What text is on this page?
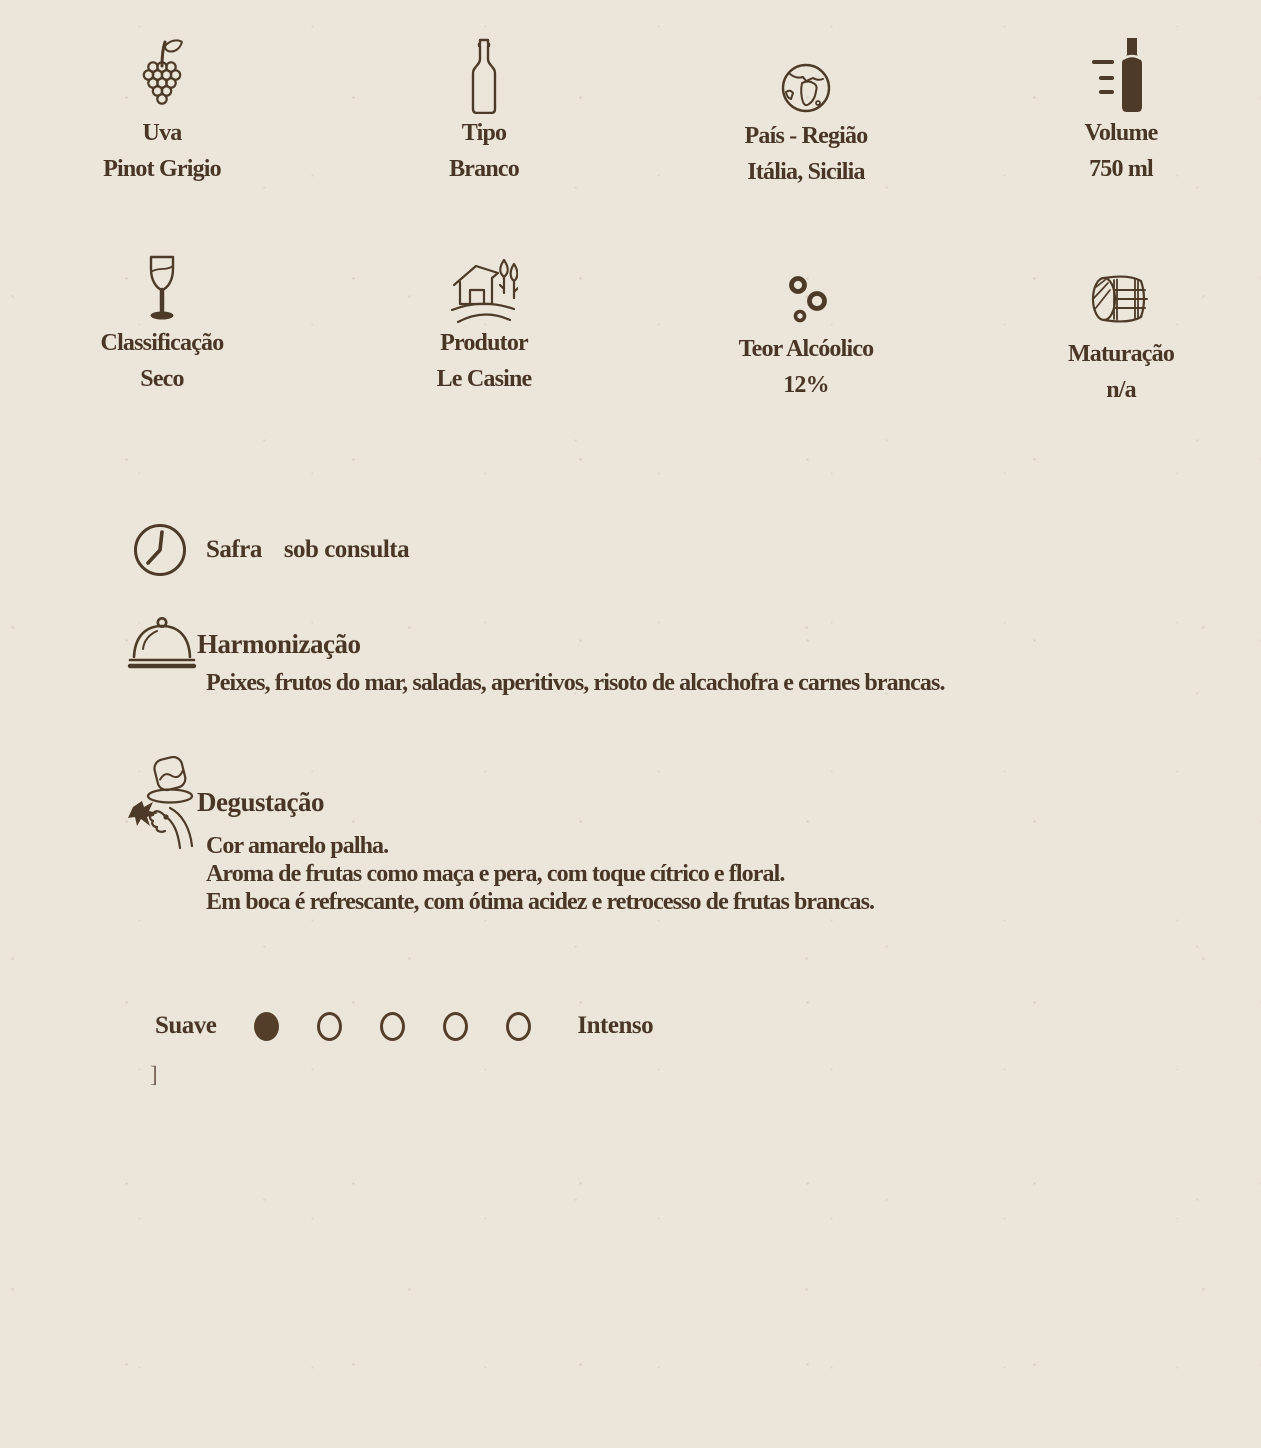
Uva
Pinot Grigio
Tipo
Branco
País - Região
Itália, Sicilia
Volume
750 ml
Classificação
Seco
Produtor
Le Casine
Teor Alcóolico
12%
Maturação
n/a
Safra sob consulta
Harmonização
Peixes, frutos do mar, saladas, aperitivos, risoto de alcachofra e carnes brancas.
Degustação
Cor amarelo palha.
Aroma de frutas como maça e pera, com toque cítrico e floral.
Em boca é refrescante, com ótima acidez e retrocesso de frutas brancas.
Suave	Intenso
]
